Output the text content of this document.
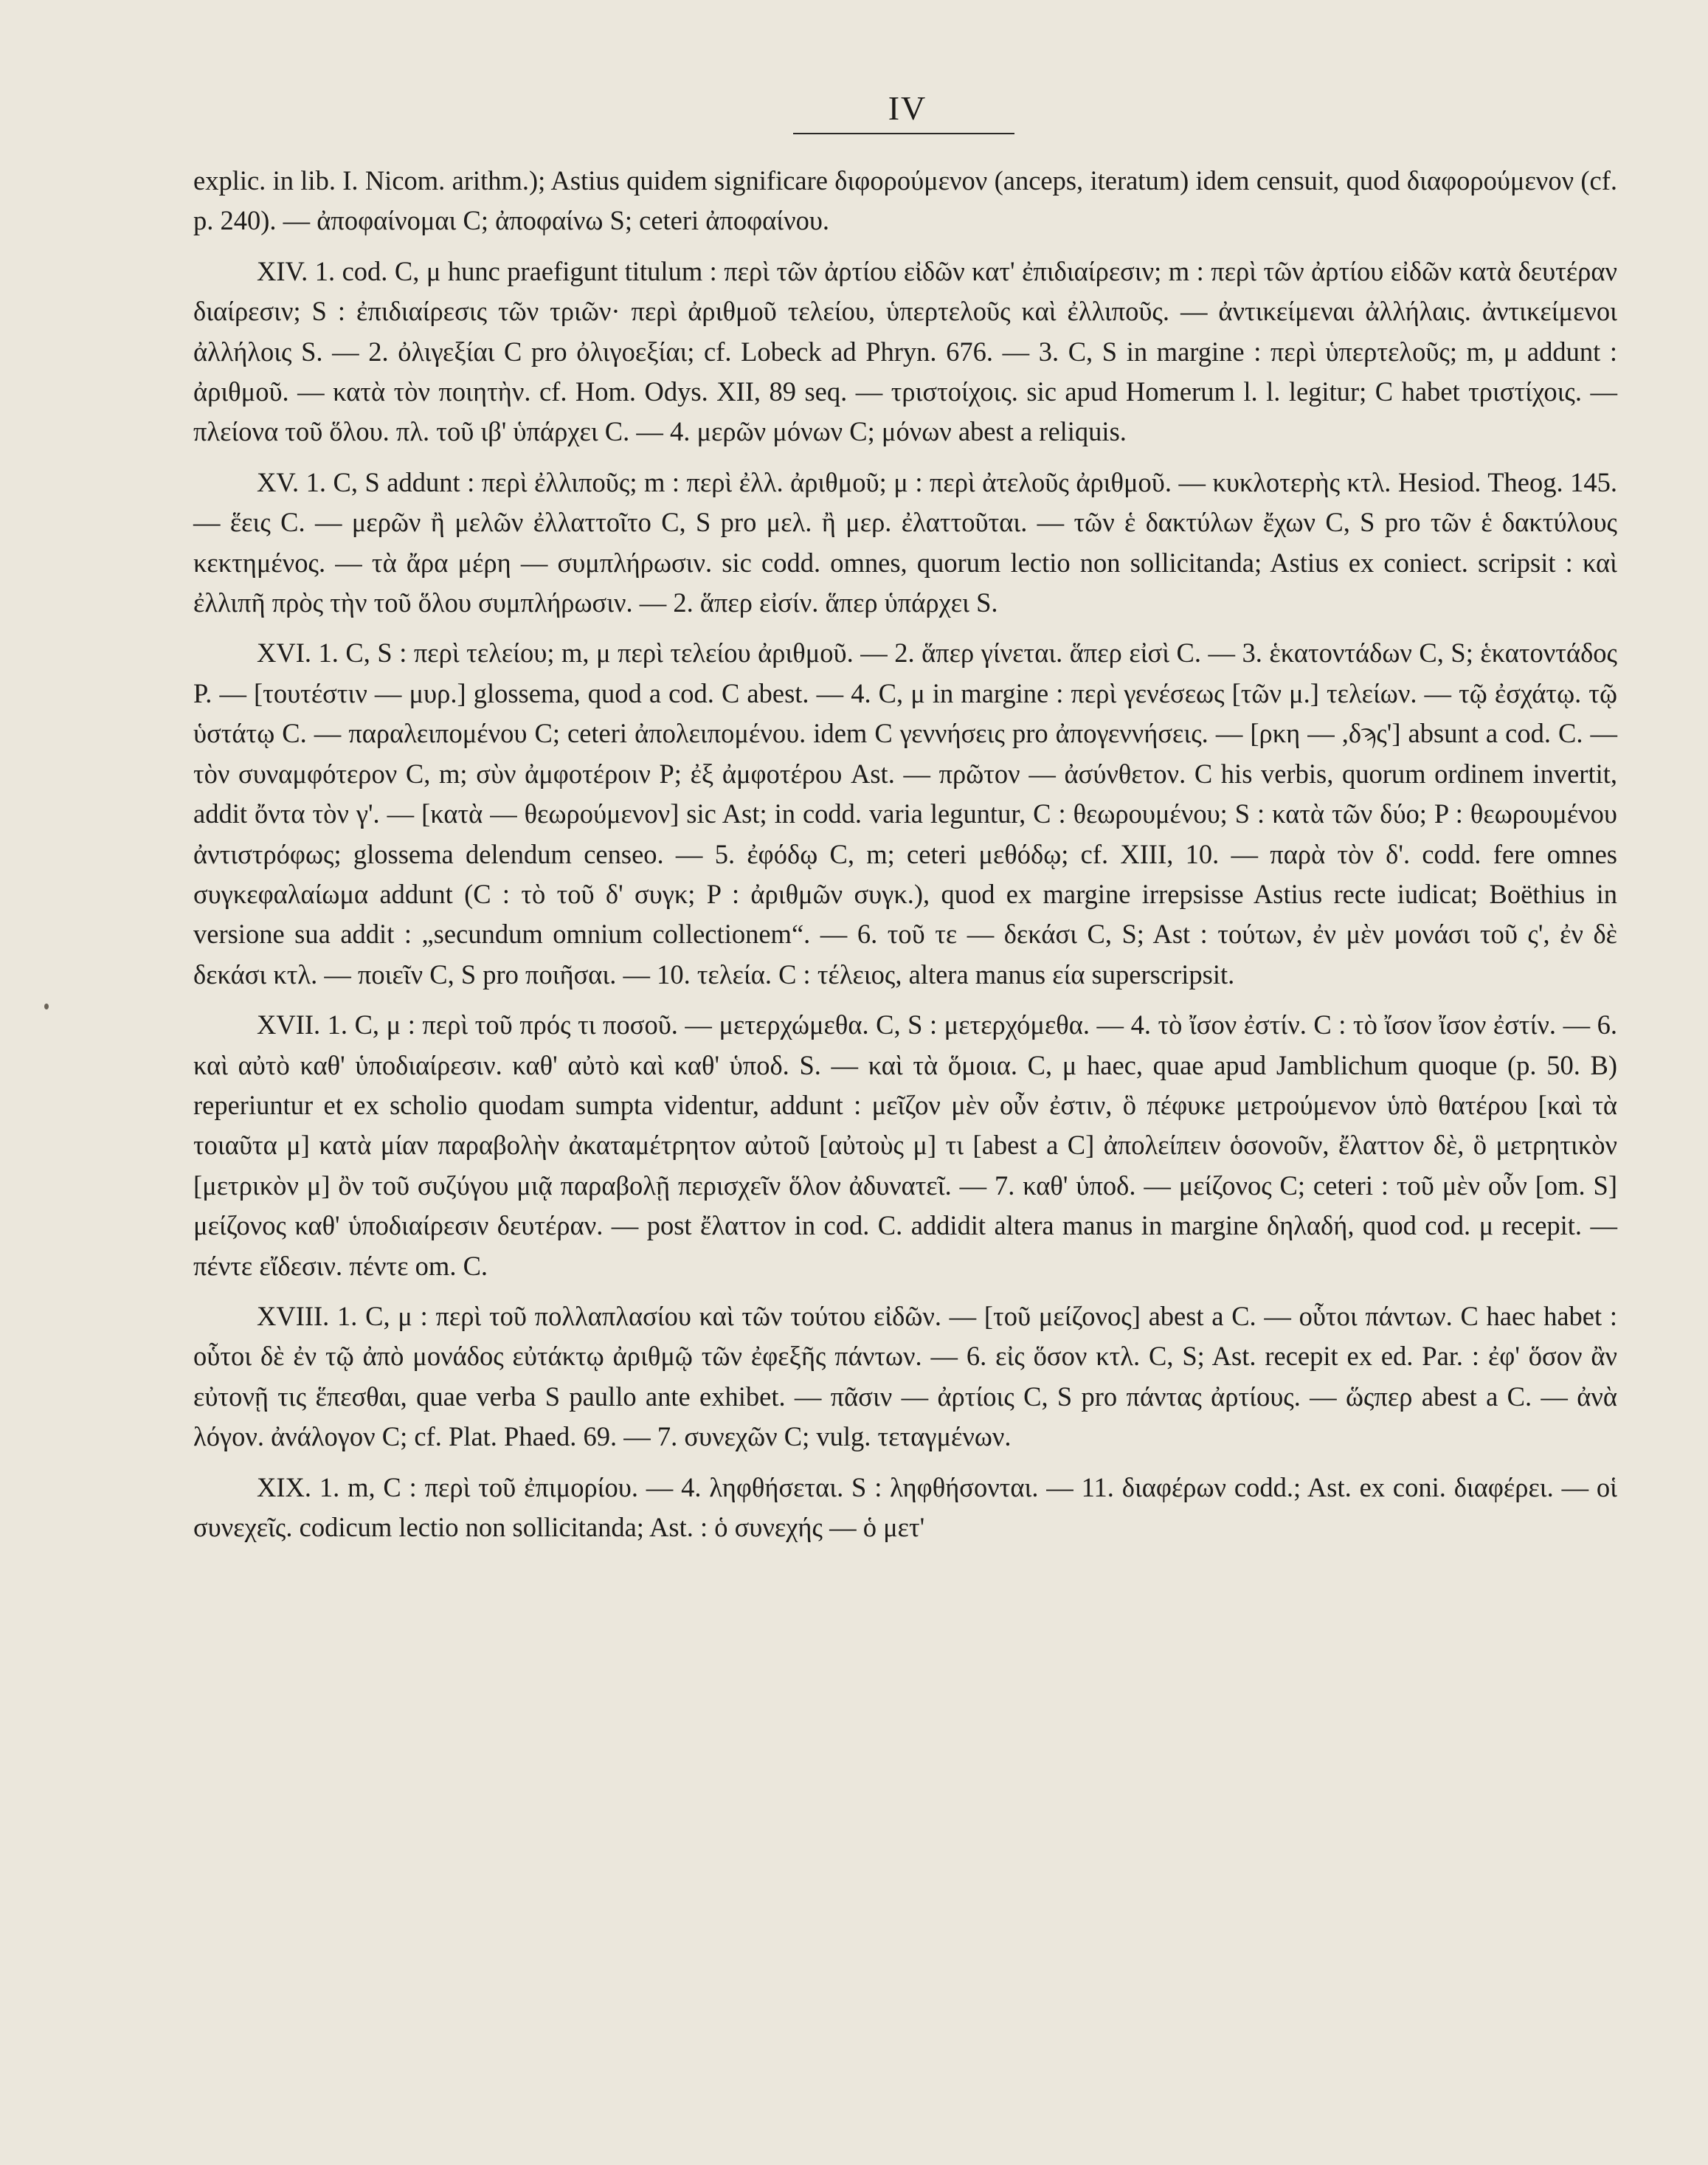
IV

explic. in lib. I. Nicom. arithm.); Astius quidem significare διφορούμενον (anceps, iteratum) idem censuit, quod διαφορούμενον (cf. p. 240). — ἀποφαίνομαι C; ἀποφαίνω S; ceteri ἀποφαίνου.

XIV. 1. cod. C, μ hunc praefigunt titulum : περὶ τῶν ἀρτίου εἰδῶν κατ' ἐπιδιαίρεσιν; m : περὶ τῶν ἀρτίου εἰδῶν κατὰ δευτέραν διαίρεσιν; S : ἐπιδιαίρεσις τῶν τριῶν· περὶ ἀριθμοῦ τελείου, ὑπερτελοῦς καὶ ἐλλιποῦς. — ἀντικείμεναι ἀλλήλαις. ἀντικείμενοι ἀλλήλοις S. — 2. ὀλιγεξίαι C pro ὀλιγοεξίαι; cf. Lobeck ad Phryn. 676. — 3. C, S in margine : περὶ ὑπερτελοῦς; m, μ addunt : ἀριθμοῦ. — κατὰ τὸν ποιητὴν. cf. Hom. Odys. XII, 89 seq. — τριστοίχοις. sic apud Homerum l. l. legitur; C habet τριστίχοις. — πλείονα τοῦ ὅλου. πλ. τοῦ ιβ' ὑπάρχει C. — 4. μερῶν μόνων C; μόνων abest a reliquis.

XV. 1. C, S addunt : περὶ ἐλλιποῦς; m : περὶ ἐλλ. ἀριθμοῦ; μ : περὶ ἀτελοῦς ἀριθμοῦ. — κυκλοτερὴς κτλ. Hesiod. Theog. 145. — ἕεις C. — μερῶν ἢ μελῶν ἐλλαττοῖτο C, S pro μελ. ἢ μερ. ἐλαττοῦται. — τῶν ἑ δακτύλων ἔχων C, S pro τῶν ἑ δακτύλους κεκτημένος. — τὰ ἄρα μέρη — συμπλήρωσιν. sic codd. omnes, quorum lectio non sollicitanda; Astius ex coniect. scripsit : καὶ ἐλλιπῆ πρὸς τὴν τοῦ ὅλου συμπλήρωσιν. — 2. ἅπερ εἰσίν. ἅπερ ὑπάρχει S.

XVI. 1. C, S : περὶ τελείου; m, μ περὶ τελείου ἀριθμοῦ. — 2. ἅπερ γίνεται. ἅπερ εἰσὶ C. — 3. ἑκατοντάδων C, S; ἑκατοντάδος P. — [τουτέστιν — μυρ.] glossema, quod a cod. C abest. — 4. C, μ in margine : περὶ γενέσεως [τῶν μ.] τελείων. — τῷ ἐσχάτῳ. τῷ ὑστάτῳ C. — παραλειπομένου C; ceteri ἀπολειπομένου. idem C γεννήσεις pro ἀπογεννήσεις. — [ρκη — ,δϡς'] absunt a cod. C. — τὸν συναμφότερον C, m; σὺν ἀμφοτέροιν P; ἐξ ἀμφοτέρου Ast. — πρῶτον — ἀσύνθετον. C his verbis, quorum ordinem invertit, addit ὄντα τὸν γ'. — [κατὰ — θεωρούμενον] sic Ast; in codd. varia leguntur, C : θεωρουμένου; S : κατὰ τῶν δύο; P : θεωρουμένου ἀντιστρόφως; glossema delendum censeo. — 5. ἐφόδῳ C, m; ceteri μεθόδῳ; cf. XIII, 10. — παρὰ τὸν δ'. codd. fere omnes συγκεφαλαίωμα addunt (C : τὸ τοῦ δ' συγκ; P : ἀριθμῶν συγκ.), quod ex margine irrepsisse Astius recte iudicat; Boëthius in versione sua addit : „secundum omnium collectionem“. — 6. τοῦ τε — δεκάσι C, S; Ast : τούτων, ἐν μὲν μονάσι τοῦ ς', ἐν δὲ δεκάσι κτλ. — ποιεῖν C, S pro ποιῆσαι. — 10. τελεία. C : τέλειος, altera manus εία superscripsit.

XVII. 1. C, μ : περὶ τοῦ πρός τι ποσοῦ. — μετερχώμεθα. C, S : μετερχόμεθα. — 4. τὸ ἴσον ἐστίν. C : τὸ ἴσον ἴσον ἐστίν. — 6. καὶ αὐτὸ καθ' ὑποδιαίρεσιν. καθ' αὐτὸ καὶ καθ' ὑποδ. S. — καὶ τὰ ὅμοια. C, μ haec, quae apud Jamblichum quoque (p. 50. B) reperiuntur et ex scholio quodam sumpta videntur, addunt : μεῖζον μὲν οὖν ἐστιν, ὃ πέφυκε μετρούμενον ὑπὸ θατέρου [καὶ τὰ τοιαῦτα μ] κατὰ μίαν παραβολὴν ἀκαταμέτρητον αὐτοῦ [αὐτοὺς μ] τι [abest a C] ἀπολείπειν ὁσονοῦν, ἔλαττον δὲ, ὃ μετρητικὸν [μετρικὸν μ] ὂν τοῦ συζύγου μιᾷ παραβολῇ περισχεῖν ὅλον ἀδυνατεῖ. — 7. καθ' ὑποδ. — μείζονος C; ceteri : τοῦ μὲν οὖν [om. S] μείζονος καθ' ὑποδιαίρεσιν δευτέραν. — post ἔλαττον in cod. C. addidit altera manus in margine δηλαδή, quod cod. μ recepit. — πέντε εἴδεσιν. πέντε om. C.

XVIII. 1. C, μ : περὶ τοῦ πολλαπλασίου καὶ τῶν τούτου εἰδῶν. — [τοῦ μείζονος] abest a C. — οὗτοι πάντων. C haec habet : οὗτοι δὲ ἐν τῷ ἀπὸ μονάδος εὐτάκτῳ ἀριθμῷ τῶν ἐφεξῆς πάντων. — 6. εἰς ὅσον κτλ. C, S; Ast. recepit ex ed. Par. : ἐφ' ὅσον ἂν εὐτονῇ τις ἕπεσθαι, quae verba S paullo ante exhibet. — πᾶσιν — ἀρτίοις C, S pro πάντας ἀρτίους. — ὥςπερ abest a C. — ἀνὰ λόγον. ἀνάλογον C; cf. Plat. Phaed. 69. — 7. συνεχῶν C; vulg. τεταγμένων.

XIX. 1. m, C : περὶ τοῦ ἐπιμορίου. — 4. ληφθήσεται. S : ληφθήσονται. — 11. διαφέρων codd.; Ast. ex coni. διαφέρει. — οἱ συνεχεῖς. codicum lectio non sollicitanda; Ast. : ὁ συνεχής — ὁ μετ'
